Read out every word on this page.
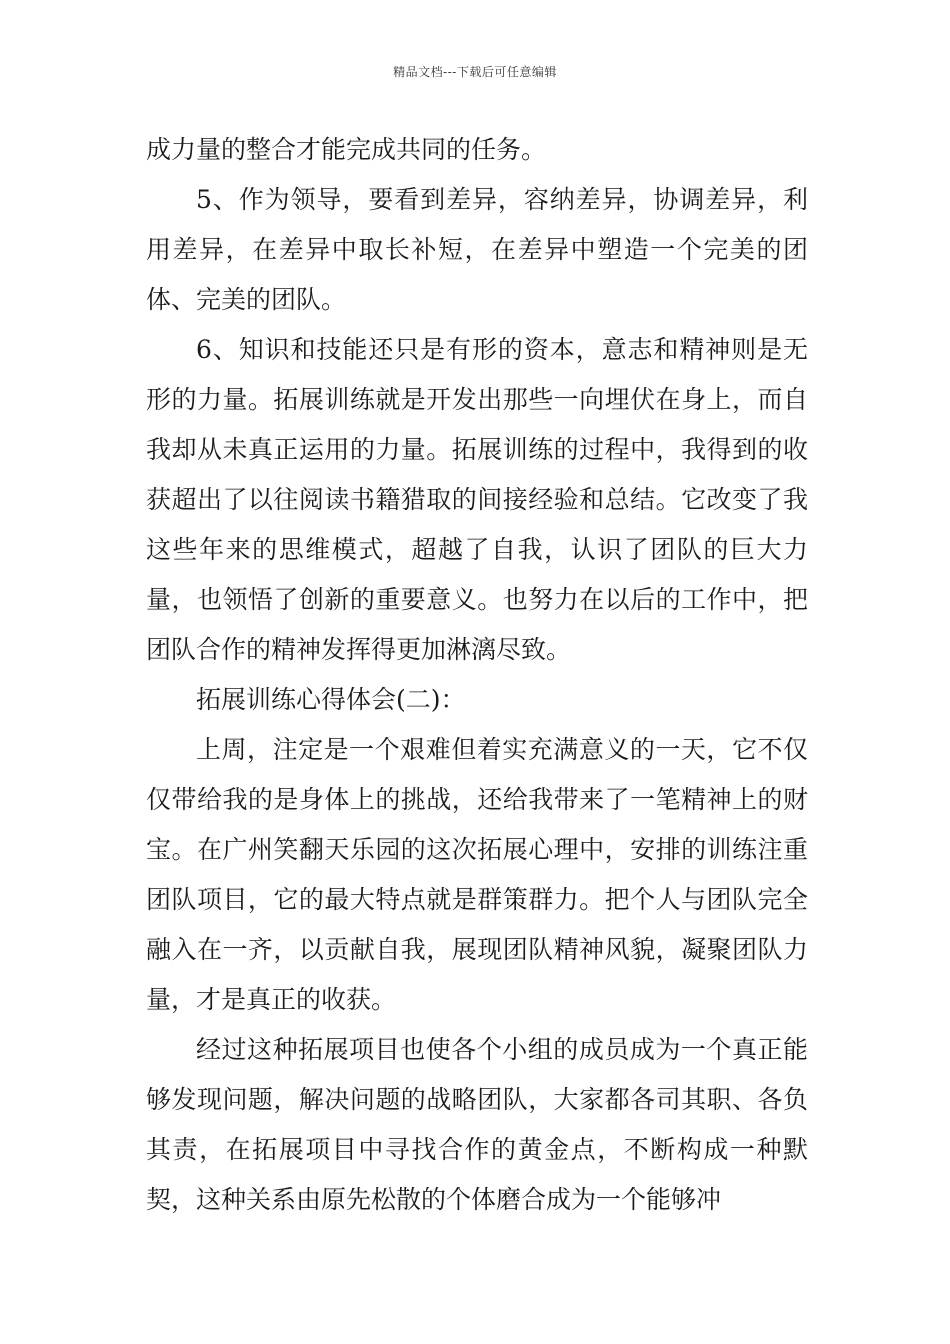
精品文档---下载后可任意编辑

成力量的整合才能完成共同的任务。

5、作为领导，要看到差异，容纳差异，协调差异，利用差异，在差异中取长补短，在差异中塑造一个完美的团体、完美的团队。

6、知识和技能还只是有形的资本，意志和精神则是无形的力量。拓展训练就是开发出那些一向埋伏在身上，而自我却从未真正运用的力量。拓展训练的过程中，我得到的收获超出了以往阅读书籍猎取的间接经验和总结。它改变了我这些年来的思维模式，超越了自我，认识了团队的巨大力量，也领悟了创新的重要意义。也努力在以后的工作中，把团队合作的精神发挥得更加淋漓尽致。

拓展训练心得体会(二)：

上周，注定是一个艰难但着实充满意义的一天，它不仅仅带给我的是身体上的挑战，还给我带来了一笔精神上的财宝。在广州笑翻天乐园的这次拓展心理中，安排的训练注重团队项目，它的最大特点就是群策群力。把个人与团队完全融入在一齐，以贡献自我，展现团队精神风貌，凝聚团队力量，才是真正的收获。

经过这种拓展项目也使各个小组的成员成为一个真正能够发现问题，解决问题的战略团队，大家都各司其职、各负其责，在拓展项目中寻找合作的黄金点，不断构成一种默契，这种关系由原先松散的个体磨合成为一个能够冲
